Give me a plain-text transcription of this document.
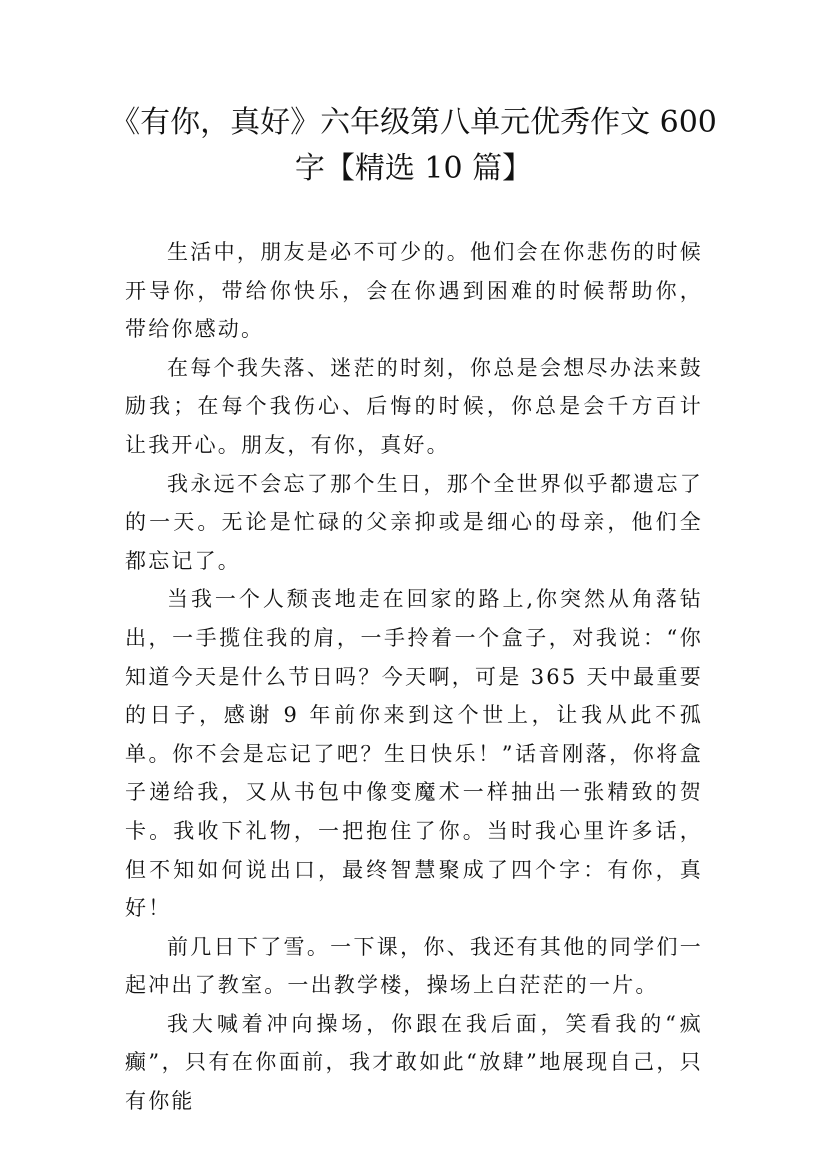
《有你，真好》六年级第八单元优秀作文 600
字【精选 10 篇】

生活中，朋友是必不可少的。他们会在你悲伤的时候开导你，带给你快乐，会在你遇到困难的时候帮助你，带给你感动。

在每个我失落、迷茫的时刻，你总是会想尽办法来鼓励我；在每个我伤心、后悔的时候，你总是会千方百计让我开心。朋友，有你，真好。

我永远不会忘了那个生日，那个全世界似乎都遗忘了的一天。无论是忙碌的父亲抑或是细心的母亲，他们全都忘记了。

当我一个人颓丧地走在回家的路上,你突然从角落钻出，一手揽住我的肩，一手拎着一个盒子，对我说：“你知道今天是什么节日吗？今天啊，可是 365 天中最重要的日子，感谢 9 年前你来到这个世上，让我从此不孤单。你不会是忘记了吧？生日快乐！”话音刚落，你将盒子递给我，又从书包中像变魔术一样抽出一张精致的贺卡。我收下礼物，一把抱住了你。当时我心里许多话，但不知如何说出口，最终智慧聚成了四个字：有你，真好！

前几日下了雪。一下课，你、我还有其他的同学们一起冲出了教室。一出教学楼，操场上白茫茫的一片。

我大喊着冲向操场，你跟在我后面，笑看我的“疯癫”，只有在你面前，我才敢如此“放肆”地展现自己，只有你能
